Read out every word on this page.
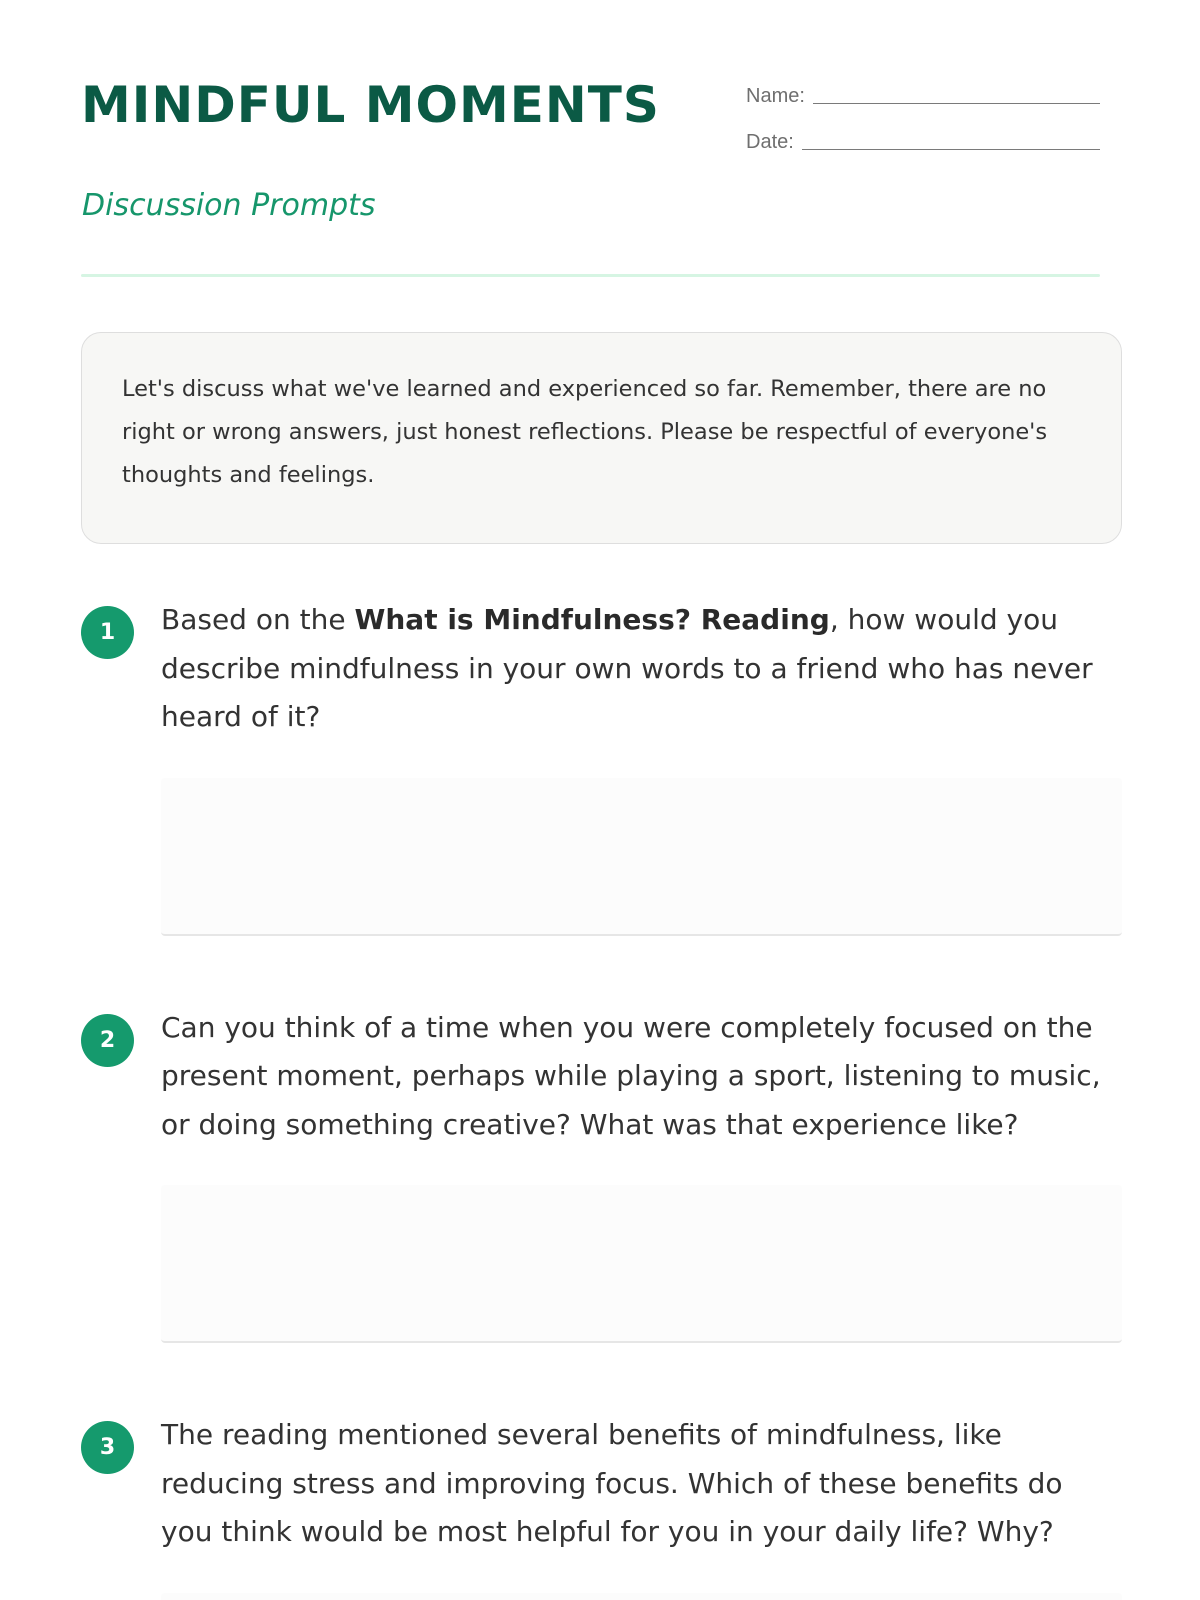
MINDFUL MOMENTS
Discussion Prompts
Name:
Date:

Let's discuss what we've learned and experienced so far. Remember, there are no right or wrong answers, just honest reflections. Please be respectful of everyone's thoughts and feelings.

1	Based on the What is Mindfulness? Reading, how would you describe mindfulness in your own words to a friend who has never heard of it?

2	Can you think of a time when you were completely focused on the present moment, perhaps while playing a sport, listening to music, or doing something creative? What was that experience like?

3	The reading mentioned several benefits of mindfulness, like reducing stress and improving focus. Which of these benefits do you think would be most helpful for you in your daily life? Why?
